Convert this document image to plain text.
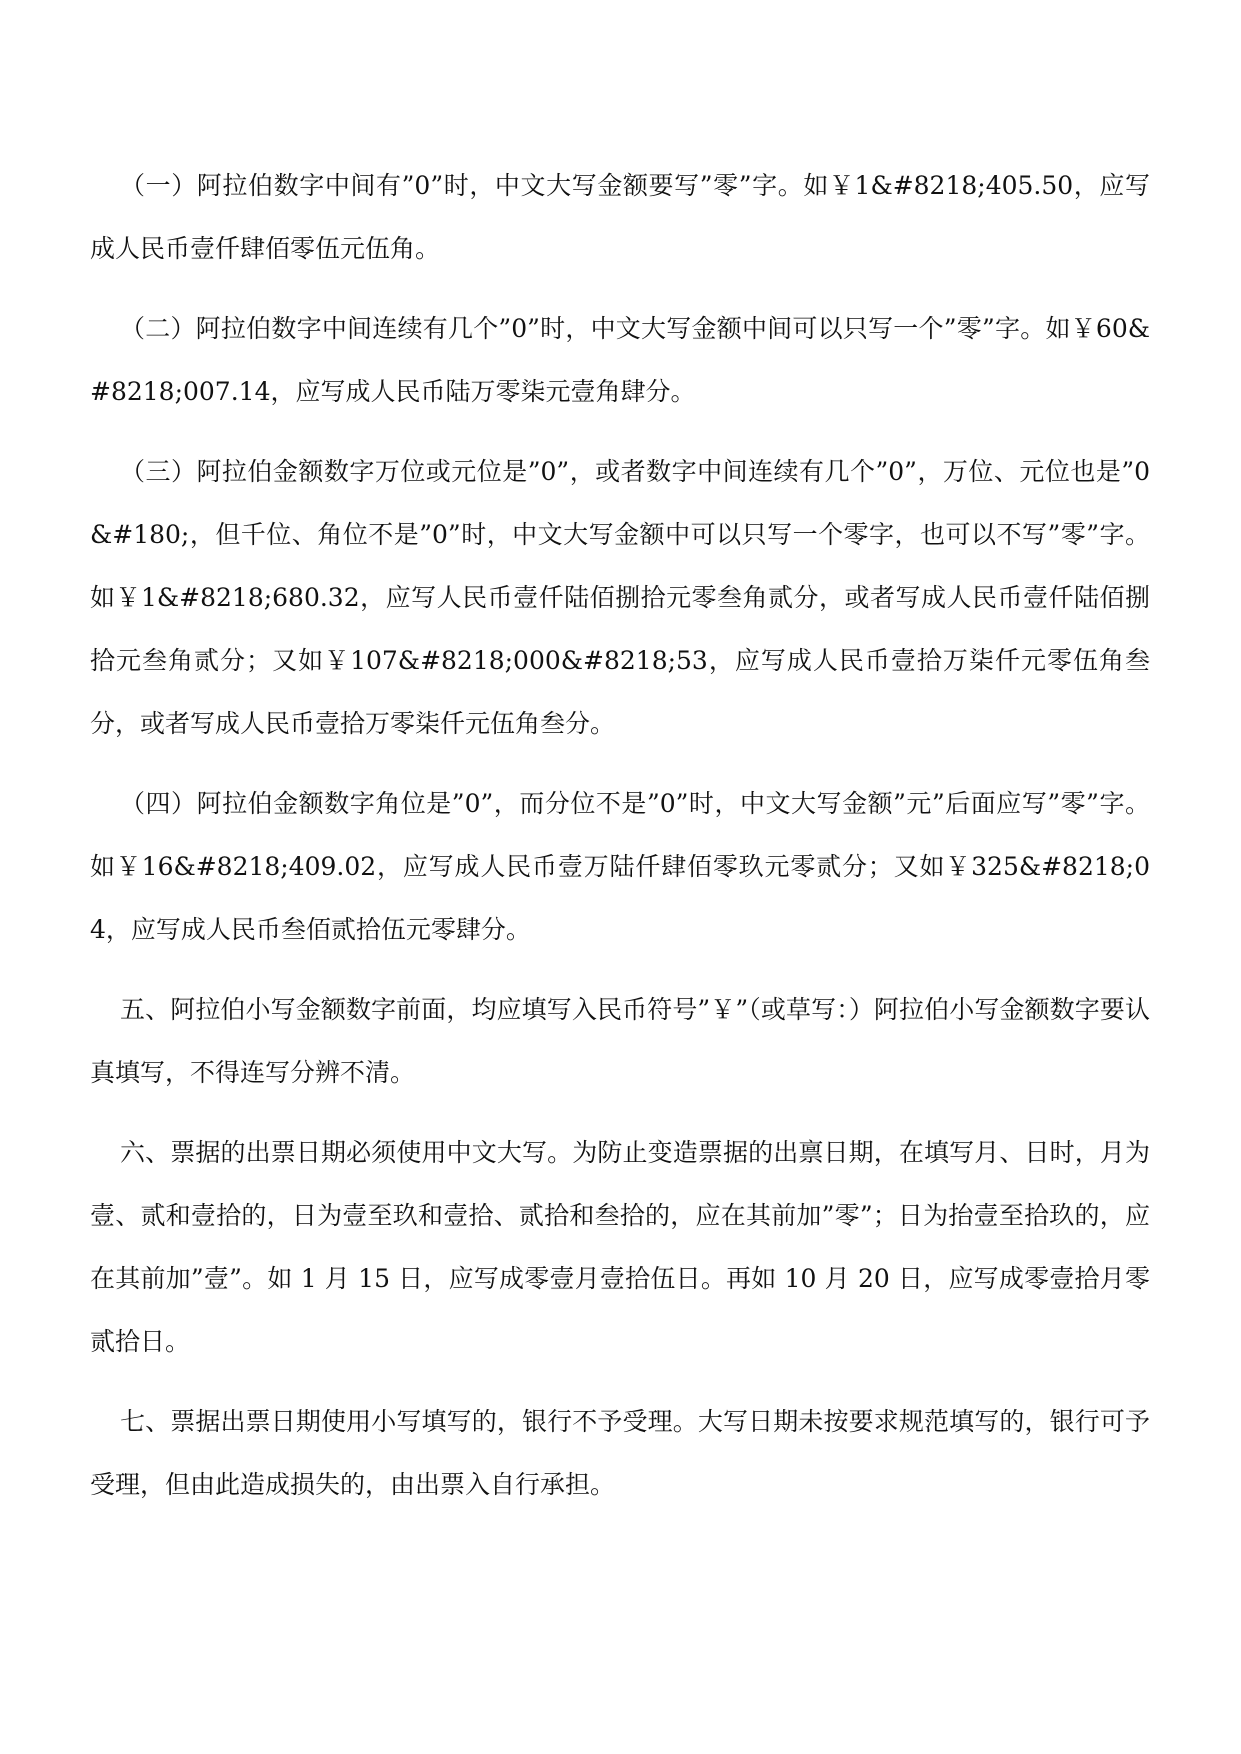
（一）阿拉伯数字中间有”0”时，中文大写金额要写”零”字。如￥1&#8218;405.50，应写成人民币壹仟肆佰零伍元伍角。

（二）阿拉伯数字中间连续有几个”0”时，中文大写金额中间可以只写一个”零”字。如￥60&#8218;007.14，应写成人民币陆万零柒元壹角肆分。

（三）阿拉伯金额数字万位或元位是”0”，或者数字中间连续有几个”0”，万位、元位也是”0&#180;，但千位、角位不是”0”时，中文大写金额中可以只写一个零字，也可以不写”零”字。如￥1&#8218;680.32，应写人民币壹仟陆佰捌拾元零叁角贰分，或者写成人民币壹仟陆佰捌拾元叁角贰分；又如￥107&#8218;000&#8218;53，应写成人民币壹拾万柒仟元零伍角叁分，或者写成人民币壹拾万零柒仟元伍角叁分。

（四）阿拉伯金额数字角位是”0”，而分位不是”0”时，中文大写金额”元”后面应写”零”字。如￥16&#8218;409.02，应写成人民币壹万陆仟肆佰零玖元零贰分；又如￥325&#8218;04，应写成人民币叁佰贰拾伍元零肆分。

五、阿拉伯小写金额数字前面，均应填写入民币符号”￥”（或草写：）阿拉伯小写金额数字要认真填写，不得连写分辨不清。

六、票据的出票日期必须使用中文大写。为防止变造票据的出禀日期，在填写月、日时，月为壹、贰和壹拾的，日为壹至玖和壹拾、贰拾和叁拾的，应在其前加”零”；日为抬壹至拾玖的，应在其前加”壹”。如 1 月 15 日，应写成零壹月壹拾伍日。再如 10 月 20 日，应写成零壹拾月零贰拾日。

七、票据出票日期使用小写填写的，银行不予受理。大写日期未按要求规范填写的，银行可予受理，但由此造成损失的，由出票入自行承担。
